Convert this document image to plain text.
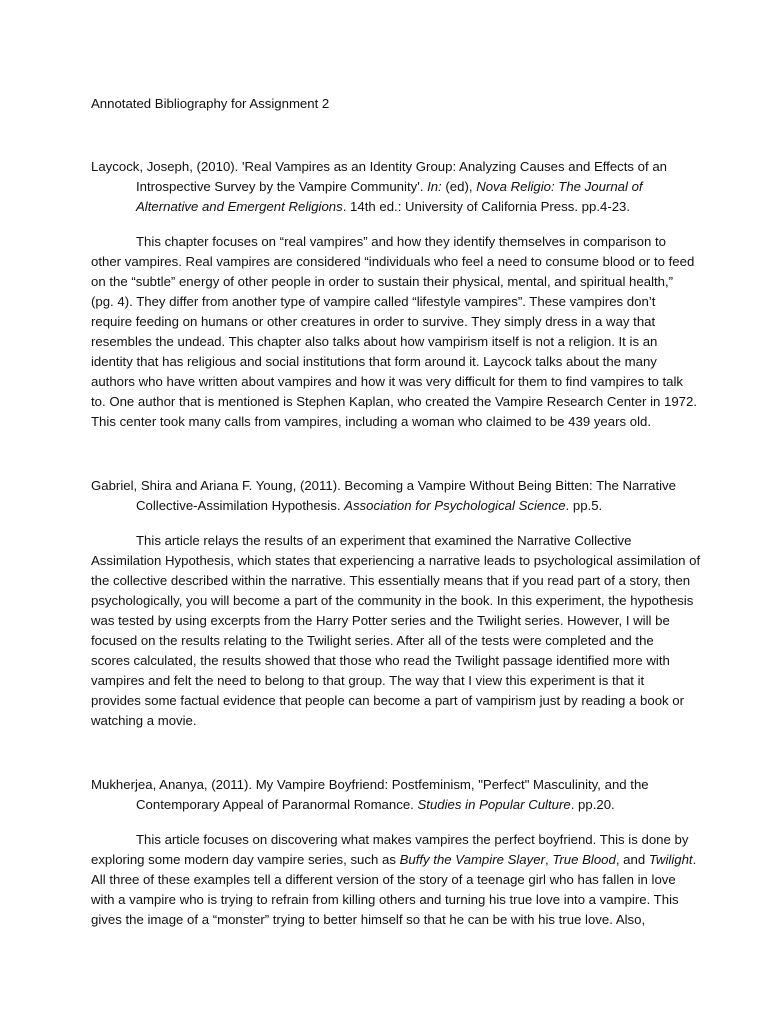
Annotated Bibliography for Assignment 2
Laycock, Joseph, (2010). 'Real Vampires as an Identity Group: Analyzing Causes and Effects of an
Introspective Survey by the Vampire Community'. In: (ed), Nova Religio: The Journal of
Alternative and Emergent Religions. 14th ed.: University of California Press. pp.4-23.
This chapter focuses on “real vampires” and how they identify themselves in comparison to
other vampires. Real vampires are considered “individuals who feel a need to consume blood or to feed
on the “subtle” energy of other people in order to sustain their physical, mental, and spiritual health,”
(pg. 4). They differ from another type of vampire called “lifestyle vampires”. These vampires don’t
require feeding on humans or other creatures in order to survive. They simply dress in a way that
resembles the undead. This chapter also talks about how vampirism itself is not a religion. It is an
identity that has religious and social institutions that form around it. Laycock talks about the many
authors who have written about vampires and how it was very difficult for them to find vampires to talk
to. One author that is mentioned is Stephen Kaplan, who created the Vampire Research Center in 1972.
This center took many calls from vampires, including a woman who claimed to be 439 years old.
Gabriel, Shira and Ariana F. Young, (2011). Becoming a Vampire Without Being Bitten: The Narrative
Collective-Assimilation Hypothesis. Association for Psychological Science. pp.5.
This article relays the results of an experiment that examined the Narrative Collective
Assimilation Hypothesis, which states that experiencing a narrative leads to psychological assimilation of
the collective described within the narrative. This essentially means that if you read part of a story, then
psychologically, you will become a part of the community in the book. In this experiment, the hypothesis
was tested by using excerpts from the Harry Potter series and the Twilight series. However, I will be
focused on the results relating to the Twilight series. After all of the tests were completed and the
scores calculated, the results showed that those who read the Twilight passage identified more with
vampires and felt the need to belong to that group. The way that I view this experiment is that it
provides some factual evidence that people can become a part of vampirism just by reading a book or
watching a movie.
Mukherjea, Ananya, (2011). My Vampire Boyfriend: Postfeminism, "Perfect" Masculinity, and the
Contemporary Appeal of Paranormal Romance. Studies in Popular Culture. pp.20.
This article focuses on discovering what makes vampires the perfect boyfriend. This is done by
exploring some modern day vampire series, such as Buffy the Vampire Slayer, True Blood, and Twilight.
All three of these examples tell a different version of the story of a teenage girl who has fallen in love
with a vampire who is trying to refrain from killing others and turning his true love into a vampire. This
gives the image of a “monster” trying to better himself so that he can be with his true love. Also,
